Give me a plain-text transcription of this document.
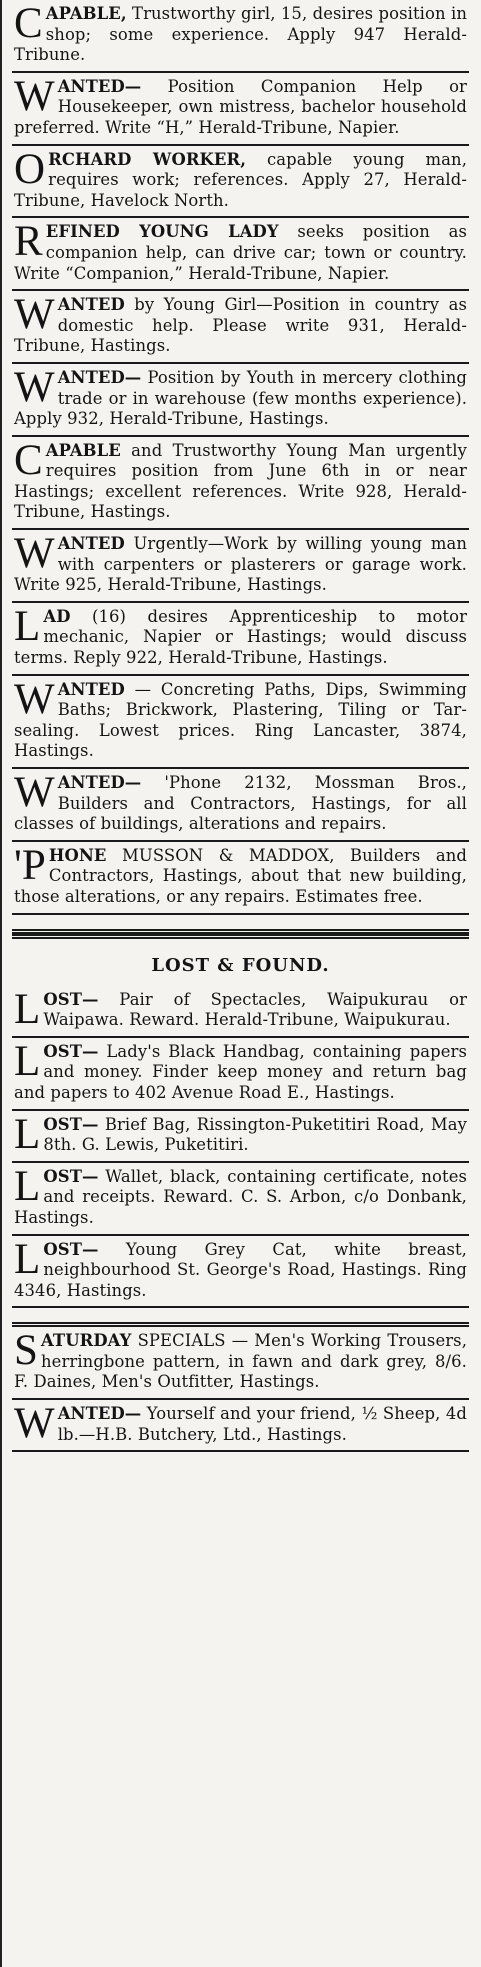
CAPABLE, Trustworthy girl, 15, desires position in shop; some experience. Apply 947 Herald-Tribune.
WANTED— Position Companion Help or Housekeeper, own mistress, bachelor household preferred. Write “H,” Herald-Tribune, Napier.
ORCHARD WORKER, capable young man, requires work; references. Apply 27, Herald-Tribune, Havelock North.
REFINED YOUNG LADY seeks position as companion help, can drive car; town or country. Write “Companion,” Herald-Tribune, Napier.
WANTED by Young Girl—Position in country as domestic help. Please write 931, Herald-Tribune, Hastings.
WANTED— Position by Youth in mercery clothing trade or in warehouse (few months experience). Apply 932, Herald-Tribune, Hastings.
CAPABLE and Trustworthy Young Man urgently requires position from June 6th in or near Hastings; excellent references. Write 928, Herald-Tribune, Hastings.
WANTED Urgently—Work by willing young man with carpenters or plasterers or garage work. Write 925, Herald-Tribune, Hastings.
LAD (16) desires Apprenticeship to motor mechanic, Napier or Hastings; would discuss terms. Reply 922, Herald-Tribune, Hastings.
WANTED — Concreting Paths, Dips, Swimming Baths; Brickwork, Plastering, Tiling or Tar-sealing. Lowest prices. Ring Lancaster, 3874, Hastings.
WANTED— 'Phone 2132, Mossman Bros., Builders and Contractors, Hastings, for all classes of buildings, alterations and repairs.
'PHONE MUSSON & MADDOX, Builders and Contractors, Hastings, about that new building, those alterations, or any repairs. Estimates free.
LOST & FOUND.
LOST— Pair of Spectacles, Waipukurau or Waipawa. Reward. Herald-Tribune, Waipukurau.
LOST— Lady's Black Handbag, containing papers and money. Finder keep money and return bag and papers to 402 Avenue Road E., Hastings.
LOST— Brief Bag, Rissington-Puketitiri Road, May 8th. G. Lewis, Puketitiri.
LOST— Wallet, black, containing certificate, notes and receipts. Reward. C. S. Arbon, c/o Donbank, Hastings.
LOST— Young Grey Cat, white breast, neighbourhood St. George's Road, Hastings. Ring 4346, Hastings.
SATURDAY SPECIALS — Men's Working Trousers, herringbone pattern, in fawn and dark grey, 8/6. F. Daines, Men's Outfitter, Hastings.
WANTED— Yourself and your friend, ½ Sheep, 4d lb.—H.B. Butchery, Ltd., Hastings.
